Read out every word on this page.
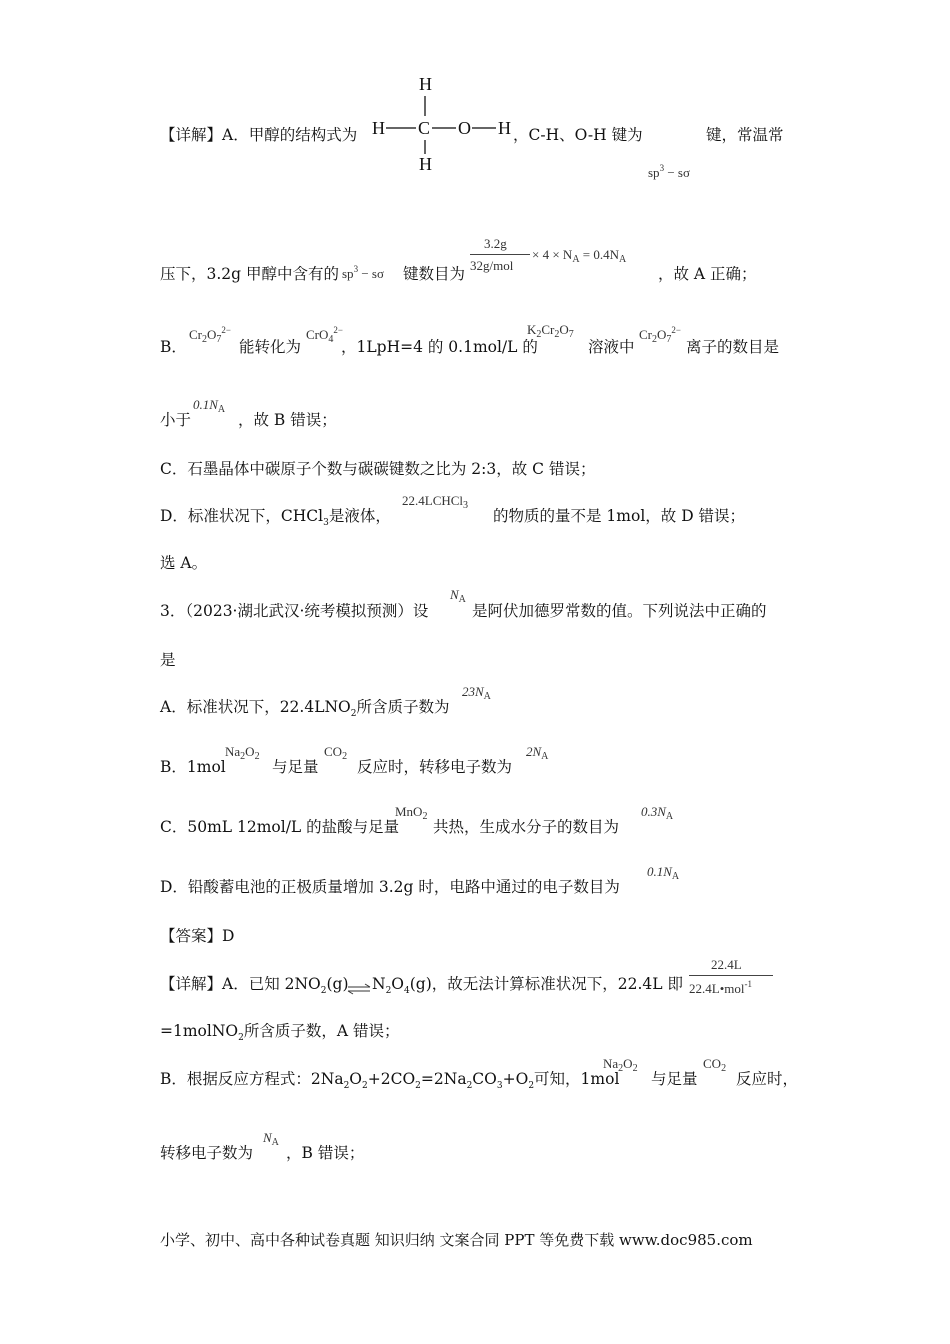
【详解】A．甲醇的结构式为
H
H C O H
H
，C-H、O-H 键为	键，常温常
$sp^3 - s\sigma$
压下，3.2g 甲醇中含有的 $sp^3 - s\sigma$ 键数目为
3.2g
32g/mol
× $4 \times N_A = 0.4N_A$
，故 A 正确；
B．
$Cr_2O_7^{2-}$
能转化为
CrO$_4^{2-}$
，1LpH=4 的 0.1mol/L 的
$K_2Cr_2O_7$
溶液中
$Cr_2O_7^{2-}$
离子的数目是
小于
$0.1N_A$
，故 B 错误；
C．石墨晶体中碳原子个数与碳碳键数之比为 2:3，故 C 错误；
D．标准状况下，CHCl$_3$是液体，
22.4LCHCl$_3$
的物质的量不是 1mol，故 D 错误；
选 A。
3．（2023·湖北武汉·统考模拟预测）设
$N_A$
是阿伏加德罗常数的值。下列说法中正确的
是
A．标准状况下，$22.4LNO_2$所含质子数为
$23N_A$
B．1mol
$Na_2O_2$
与足量
$CO_2$
反应时，转移电子数为
$2N_A$
C．50mL 12mol/L 的盐酸与足量
MnO$_2$
共热，生成水分子的数目为
$0.3N_A$
D．铅酸蓄电池的正极质量增加 3.2g 时，电路中通过的电子数目为
$0.1N_A$
【答案】D
【详解】A．已知 $2NO_2(g)$ ⇌ $N_2O_4(g)$，故无法计算标准状况下，22.4L 即
22.4L
22.4L•mol$^{-1}$
=1molNO$_2$所含质子数，A 错误；
B．根据反应方程式：$2Na_2O_2+2CO_2=2Na_2CO_3+O_2$可知，1mol
$Na_2O_2$
与足量
$CO_2$
反应时，
转移电子数为
$N_A$
，B 错误；
小学、初中、高中各种试卷真题 知识归纳 文案合同 PPT 等免费下载 www.doc985.com
